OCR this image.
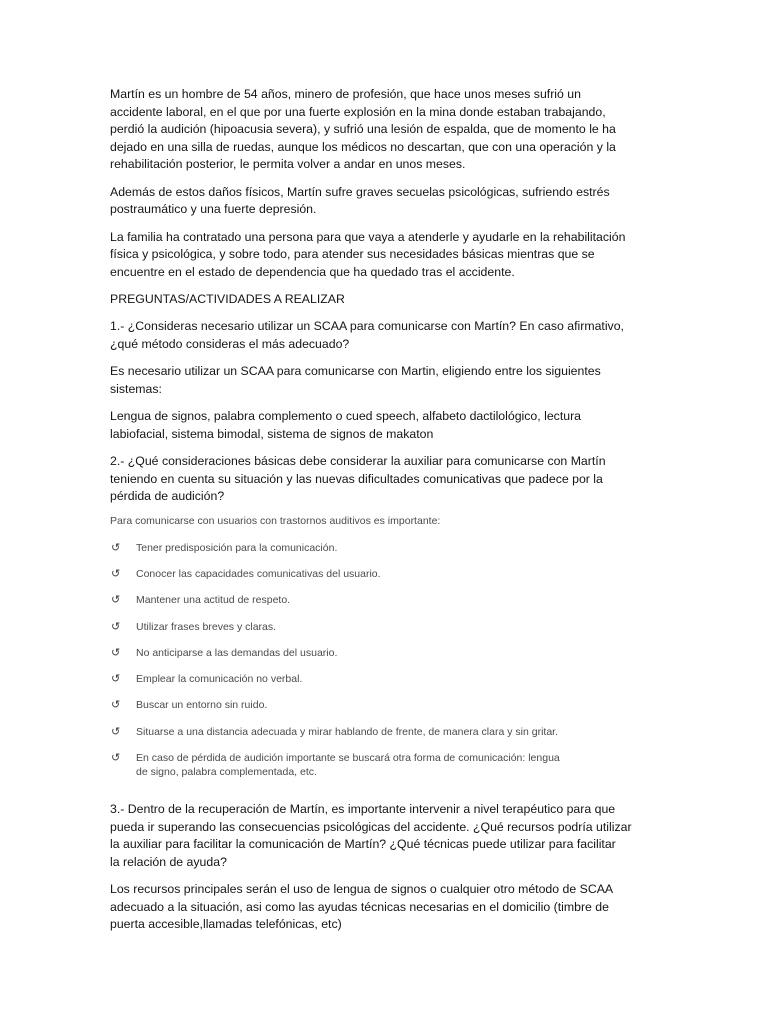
Martín es un hombre de 54 años, minero de profesión, que hace unos meses sufrió un
accidente laboral, en el que por una fuerte explosión en la mina donde estaban trabajando,
perdió la audición (hipoacusia severa), y sufrió una lesión de espalda, que de momento le ha
dejado en una silla de ruedas, aunque los médicos no descartan, que con una operación y la
rehabilitación posterior, le permita volver a andar en unos meses.
Además de estos daños físicos, Martín sufre graves secuelas psicológicas, sufriendo estrés
postraumático y una fuerte depresión.
La familia ha contratado una persona para que vaya a atenderle y ayudarle en la rehabilitación
física y psicológica, y sobre todo, para atender sus necesidades básicas mientras que se
encuentre en el estado de dependencia que ha quedado tras el accidente.
PREGUNTAS/ACTIVIDADES A REALIZAR
1.- ¿Consideras necesario utilizar un SCAA para comunicarse con Martín? En caso afirmativo,
¿qué método consideras el más adecuado?
Es necesario utilizar un SCAA para comunicarse con Martin, eligiendo entre los siguientes
sistemas:
Lengua de signos, palabra complemento o cued speech, alfabeto dactilológico, lectura
labiofacial, sistema bimodal, sistema de signos de makaton
2.- ¿Qué consideraciones básicas debe considerar la auxiliar para comunicarse con Martín
teniendo en cuenta su situación y las nuevas dificultades comunicativas que padece por la
pérdida de audición?
Para comunicarse con usuarios con trastornos auditivos es importante:
↺ Tener predisposición para la comunicación.
↺ Conocer las capacidades comunicativas del usuario.
↺ Mantener una actitud de respeto.
↺ Utilizar frases breves y claras.
↺ No anticiparse a las demandas del usuario.
↺ Emplear la comunicación no verbal.
↺ Buscar un entorno sin ruido.
↺ Situarse a una distancia adecuada y mirar hablando de frente, de manera clara y sin gritar.
↺ En caso de pérdida de audición importante se buscará otra forma de comunicación: lengua
de signo, palabra complementada, etc.
3.- Dentro de la recuperación de Martín, es importante intervenir a nivel terapéutico para que
pueda ir superando las consecuencias psicológicas del accidente. ¿Qué recursos podría utilizar
la auxiliar para facilitar la comunicación de Martín? ¿Qué técnicas puede utilizar para facilitar
la relación de ayuda?
Los recursos principales serán el uso de lengua de signos o cualquier otro método de SCAA
adecuado a la situación, asi como las ayudas técnicas necesarias en el domicilio (timbre de
puerta accesible,llamadas telefónicas, etc)
